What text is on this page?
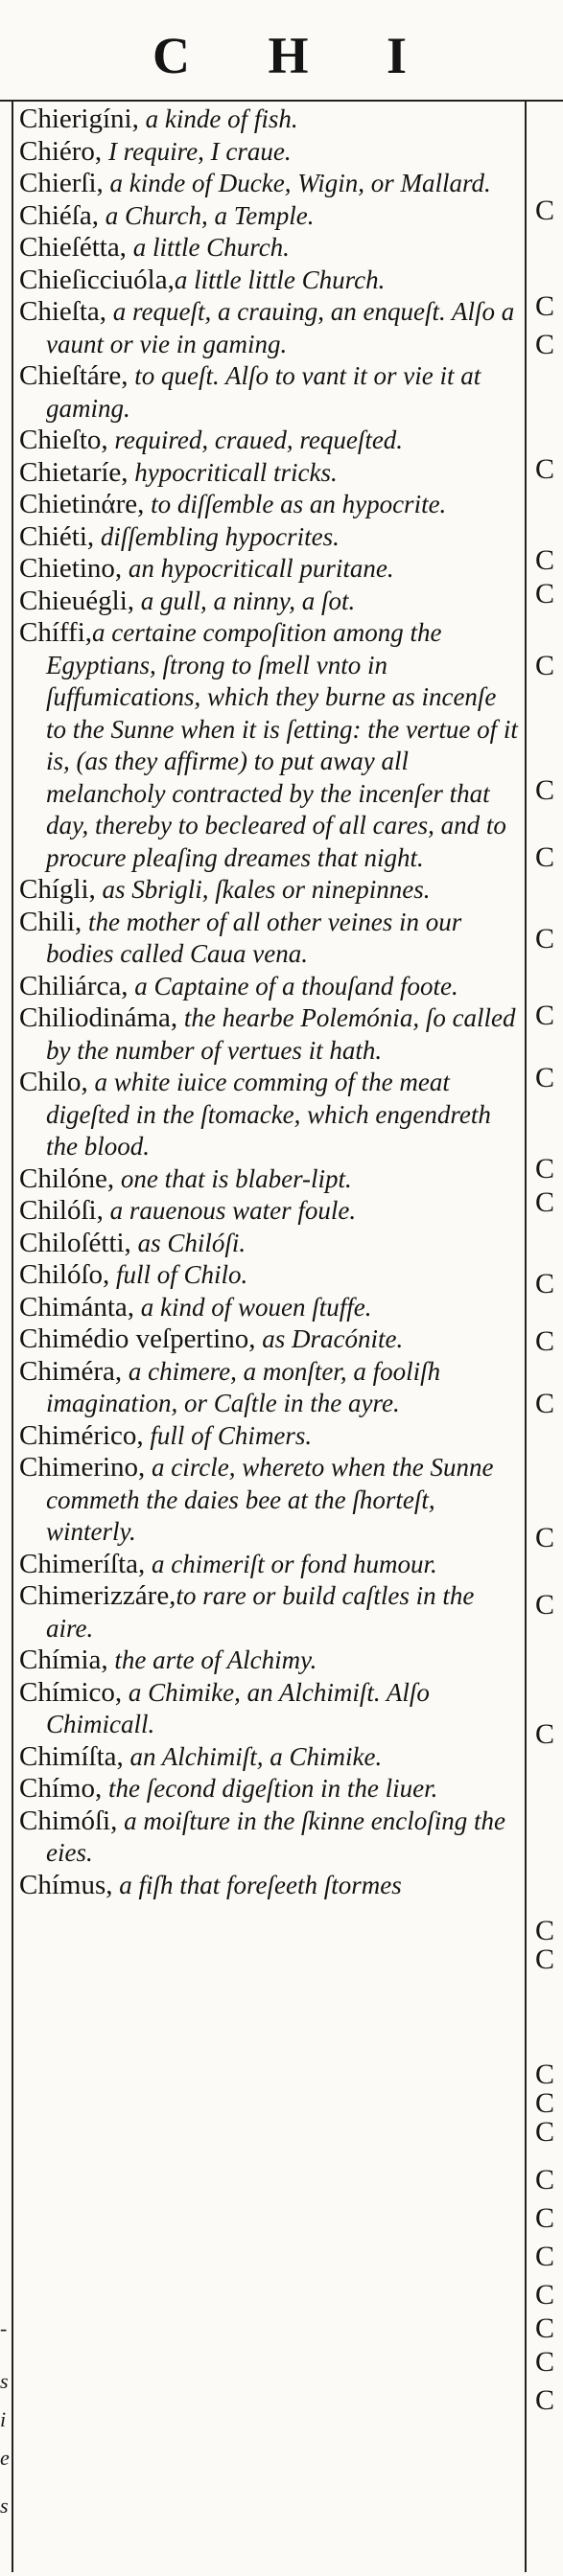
C H I

Chierigíni, a kinde of fish.

Chiéro, I require, I craue.

Chierſi, a kinde of Ducke, Wigin, or Mallard.

Chiéſa, a Church, a Temple.

Chieſétta, a little Church.

Chieſicciuóla,a little little Church.

Chieſta, a requeſt, a crauing, an enqueſt. Alſo a vaunt or vie in gaming.

Chieſtáre, to queſt. Alſo to vant it or vie it at gaming.

Chieſto, required, craued, requeſted.

Chietaríe, hypocriticall tricks.

Chietinάre, to diſſemble as an hypocrite.

Chiéti, diſſembling hypocrites.

Chietino, an hypocriticall puritane.

Chieuégli, a gull, a ninny, a ſot.

Chíffi,a certaine compoſition among the Egyptians, ſtrong to ſmell vnto in ſuffumications, which they burne as incenſe to the Sunne when it is ſetting: the vertue of it is, (as they affirme) to put away all melancholy contracted by the incenſer that day, thereby to becleared of all cares, and to procure pleaſing dreames that night.

Chígli, as Sbrigli, ſkales or ninepinnes.

Chili, the mother of all other veines in our bodies called Caua vena.

Chiliárca, a Captaine of a thouſand foote.

Chiliodináma, the hearbe Polemónia, ſo called by the number of vertues it hath.

Chilo, a white iuice comming of the meat digeſted in the ſtomacke, which engendreth the blood.

Chilóne, one that is blaber-lipt.

Chilóſi, a rauenous water foule.

Chiloſétti, as Chilóſi.

Chilóſo, full of Chilo.

Chimánta, a kind of wouen ſtuffe.

Chimédio veſpertino, as Dracónite.

Chiméra, a chimere, a monſter, a fooliſh imagination, or Caſtle in the ayre.

Chimérico, full of Chimers.

Chimerino, a circle, whereto when the Sunne commeth the daies bee at the ſhorteſt, winterly.

Chimeríſta, a chimeriſt or fond humour.

Chimerizzáre,to rare or build caſtles in the aire.

Chímia, the arte of Alchimy.

Chímico, a Chimike, an Alchimiſt. Alſo Chimicall.

Chimíſta, an Alchimiſt, a Chimike.

Chímo, the ſecond digeſtion in the liuer.

Chimóſi, a moiſture in the ſkinne encloſing the eies.

Chímus, a fiſh that foreſeeth ſtormes

C
C
C
C
C
C
C
C
C
C
C
C
C
C
C
C
C
C
C
C
C
C
C
C
C
C
C
C
C
C
C
C
-
s
i
e
s
